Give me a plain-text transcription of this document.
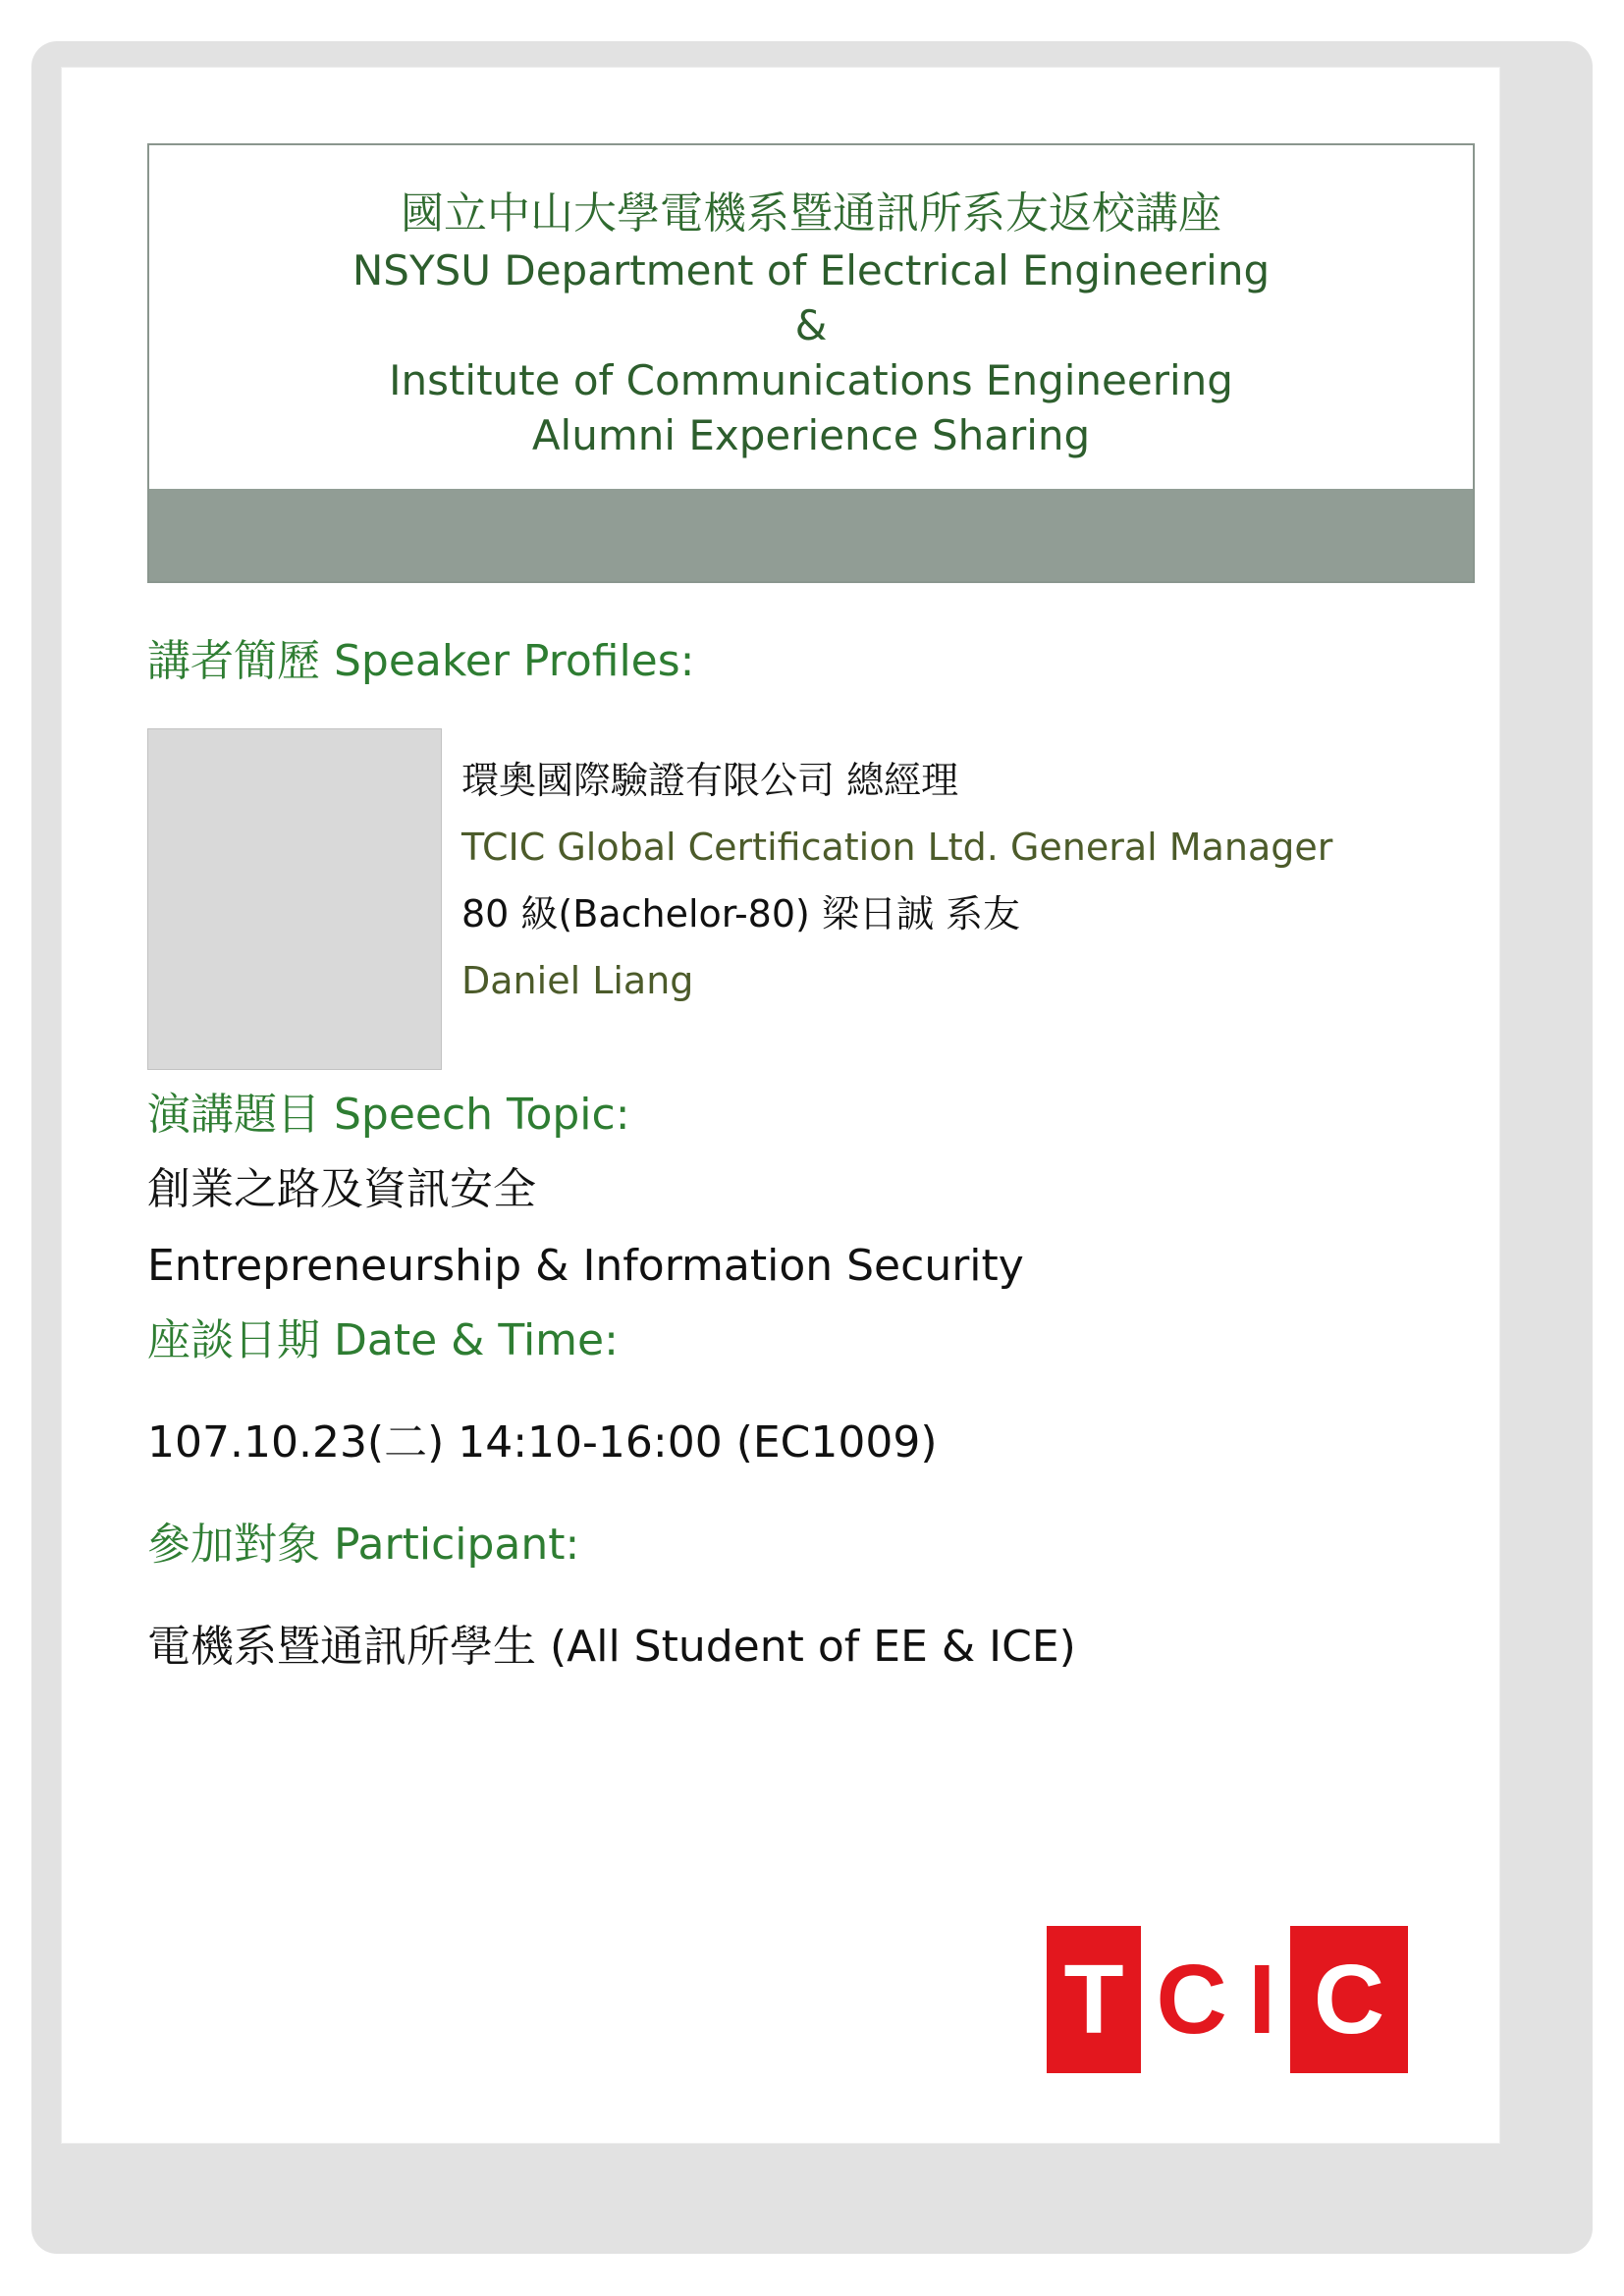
國立中山大學電機系暨通訊所系友返校講座
NSYSU Department of Electrical Engineering
&
Institute of Communications Engineering
Alumni Experience Sharing
講者簡歷 Speaker Profiles:
環奧國際驗證有限公司 總經理
TCIC Global Certification Ltd. General Manager
80 級(Bachelor-80) 梁日誠 系友
Daniel Liang
演講題目 Speech Topic:
創業之路及資訊安全
Entrepreneurship & Information Security
座談日期 Date & Time:
107.10.23(二) 14:10-16:00 (EC1009)
參加對象 Participant:
電機系暨通訊所學生 (All Student of EE & ICE)
T C I C
